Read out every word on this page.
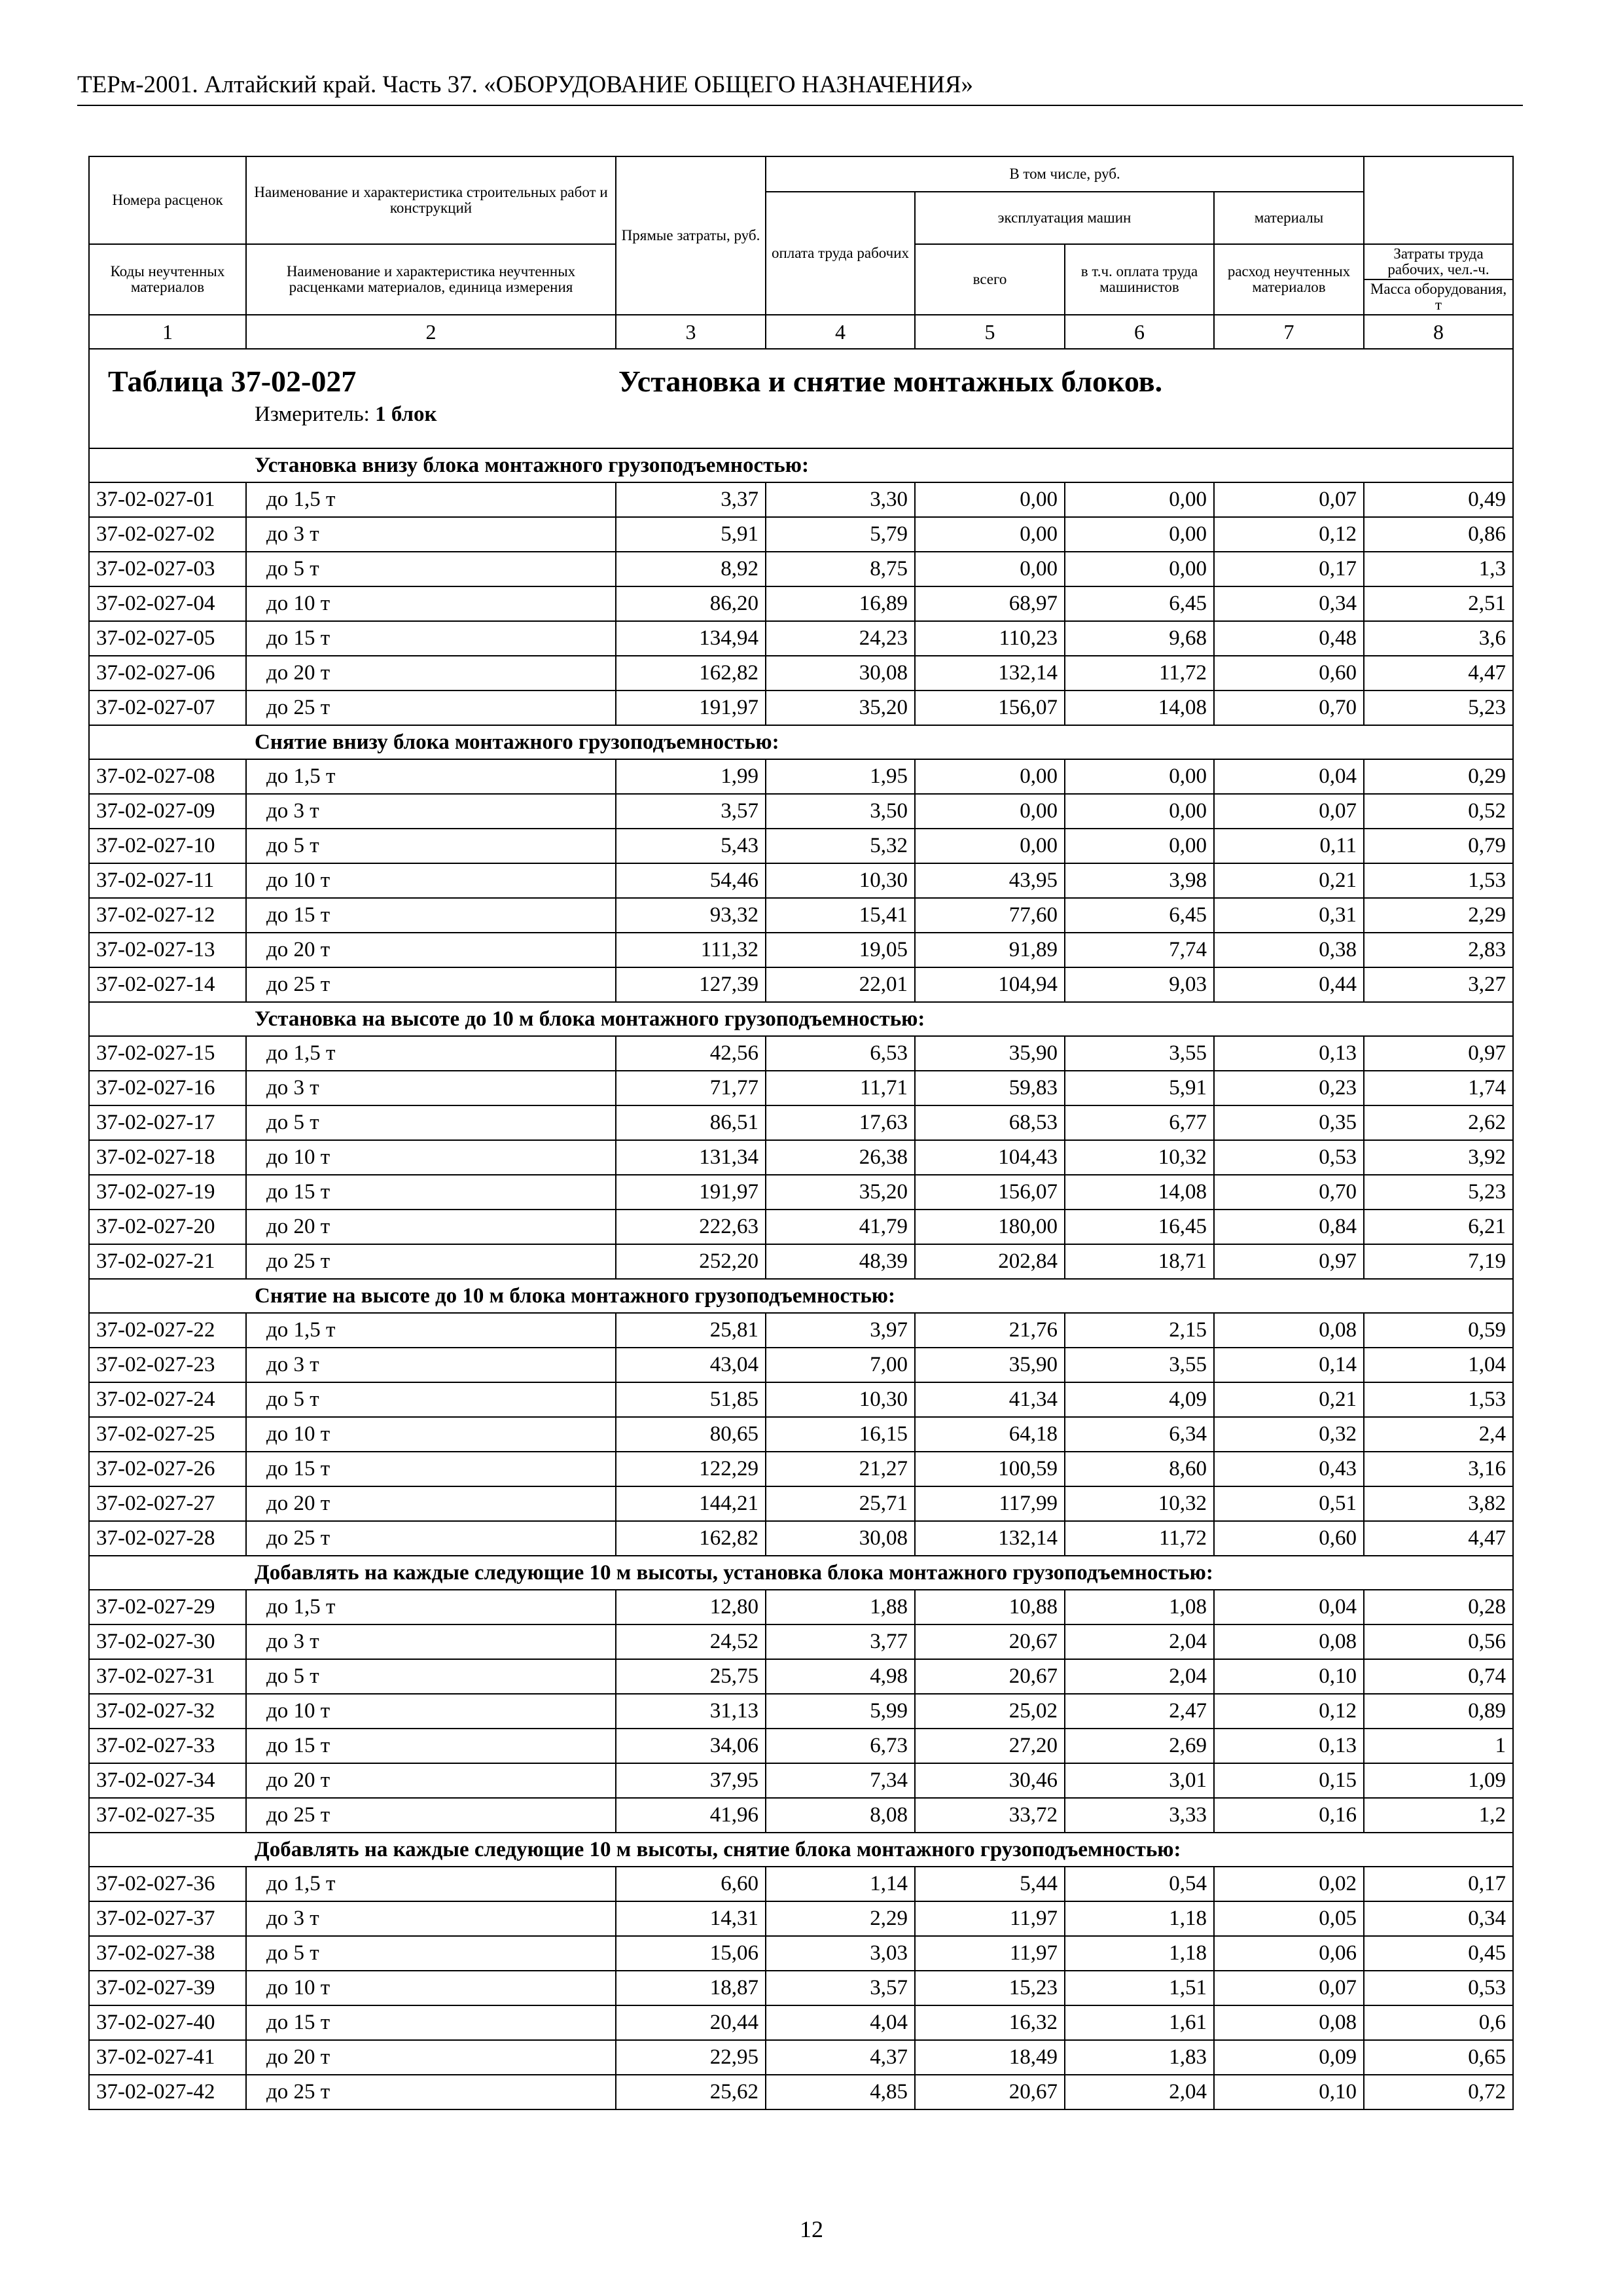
ТЕРм-2001. Алтайский край. Часть 37. «ОБОРУДОВАНИЕ ОБЩЕГО НАЗНАЧЕНИЯ»
Номера расценок	Наименование и характеристика строительных работ и конструкций	Прямые затраты, руб.	В том числе, руб.				
			оплата труда рабочих	эксплуатация машин		материалы	
Коды неучтенных материалов	Наименование и характеристика неучтенных расценками материалов, единица измерения			всего	в т.ч. оплата труда машинистов	расход неучтенных материалов	Затраты труда рабочих, чел.-ч.
							Масса оборудования, т
1	2	3	4	5	6	7	8

Таблица 37-02-027 Установка и снятие монтажных блоков.
Измеритель: 1 блок							

Установка внизу блока монтажного грузоподъемностью:							
37-02-027-01	до 1,5 т	3,37	3,30	0,00	0,00	0,07	0,49
37-02-027-02	до 3 т	5,91	5,79	0,00	0,00	0,12	0,86
37-02-027-03	до 5 т	8,92	8,75	0,00	0,00	0,17	1,3
37-02-027-04	до 10 т	86,20	16,89	68,97	6,45	0,34	2,51
37-02-027-05	до 15 т	134,94	24,23	110,23	9,68	0,48	3,6
37-02-027-06	до 20 т	162,82	30,08	132,14	11,72	0,60	4,47
37-02-027-07	до 25 т	191,97	35,20	156,07	14,08	0,70	5,23
Снятие внизу блока монтажного грузоподъемностью:							
37-02-027-08	до 1,5 т	1,99	1,95	0,00	0,00	0,04	0,29
37-02-027-09	до 3 т	3,57	3,50	0,00	0,00	0,07	0,52
37-02-027-10	до 5 т	5,43	5,32	0,00	0,00	0,11	0,79
37-02-027-11	до 10 т	54,46	10,30	43,95	3,98	0,21	1,53
37-02-027-12	до 15 т	93,32	15,41	77,60	6,45	0,31	2,29
37-02-027-13	до 20 т	111,32	19,05	91,89	7,74	0,38	2,83
37-02-027-14	до 25 т	127,39	22,01	104,94	9,03	0,44	3,27
Установка на высоте до 10 м блока монтажного грузоподъемностью:							
37-02-027-15	до 1,5 т	42,56	6,53	35,90	3,55	0,13	0,97
37-02-027-16	до 3 т	71,77	11,71	59,83	5,91	0,23	1,74
37-02-027-17	до 5 т	86,51	17,63	68,53	6,77	0,35	2,62
37-02-027-18	до 10 т	131,34	26,38	104,43	10,32	0,53	3,92
37-02-027-19	до 15 т	191,97	35,20	156,07	14,08	0,70	5,23
37-02-027-20	до 20 т	222,63	41,79	180,00	16,45	0,84	6,21
37-02-027-21	до 25 т	252,20	48,39	202,84	18,71	0,97	7,19
Снятие на высоте до 10 м блока монтажного грузоподъемностью:							
37-02-027-22	до 1,5 т	25,81	3,97	21,76	2,15	0,08	0,59
37-02-027-23	до 3 т	43,04	7,00	35,90	3,55	0,14	1,04
37-02-027-24	до 5 т	51,85	10,30	41,34	4,09	0,21	1,53
37-02-027-25	до 10 т	80,65	16,15	64,18	6,34	0,32	2,4
37-02-027-26	до 15 т	122,29	21,27	100,59	8,60	0,43	3,16
37-02-027-27	до 20 т	144,21	25,71	117,99	10,32	0,51	3,82
37-02-027-28	до 25 т	162,82	30,08	132,14	11,72	0,60	4,47
Добавлять на каждые следующие 10 м высоты, установка блока монтажного грузоподъемностью:							
37-02-027-29	до 1,5 т	12,80	1,88	10,88	1,08	0,04	0,28
37-02-027-30	до 3 т	24,52	3,77	20,67	2,04	0,08	0,56
37-02-027-31	до 5 т	25,75	4,98	20,67	2,04	0,10	0,74
37-02-027-32	до 10 т	31,13	5,99	25,02	2,47	0,12	0,89
37-02-027-33	до 15 т	34,06	6,73	27,20	2,69	0,13	1
37-02-027-34	до 20 т	37,95	7,34	30,46	3,01	0,15	1,09
37-02-027-35	до 25 т	41,96	8,08	33,72	3,33	0,16	1,2
Добавлять на каждые следующие 10 м высоты, снятие блока монтажного грузоподъемностью:							
37-02-027-36	до 1,5 т	6,60	1,14	5,44	0,54	0,02	0,17
37-02-027-37	до 3 т	14,31	2,29	11,97	1,18	0,05	0,34
37-02-027-38	до 5 т	15,06	3,03	11,97	1,18	0,06	0,45
37-02-027-39	до 10 т	18,87	3,57	15,23	1,51	0,07	0,53
37-02-027-40	до 15 т	20,44	4,04	16,32	1,61	0,08	0,6
37-02-027-41	до 20 т	22,95	4,37	18,49	1,83	0,09	0,65
37-02-027-42	до 25 т	25,62	4,85	20,67	2,04	0,10	0,72
12
